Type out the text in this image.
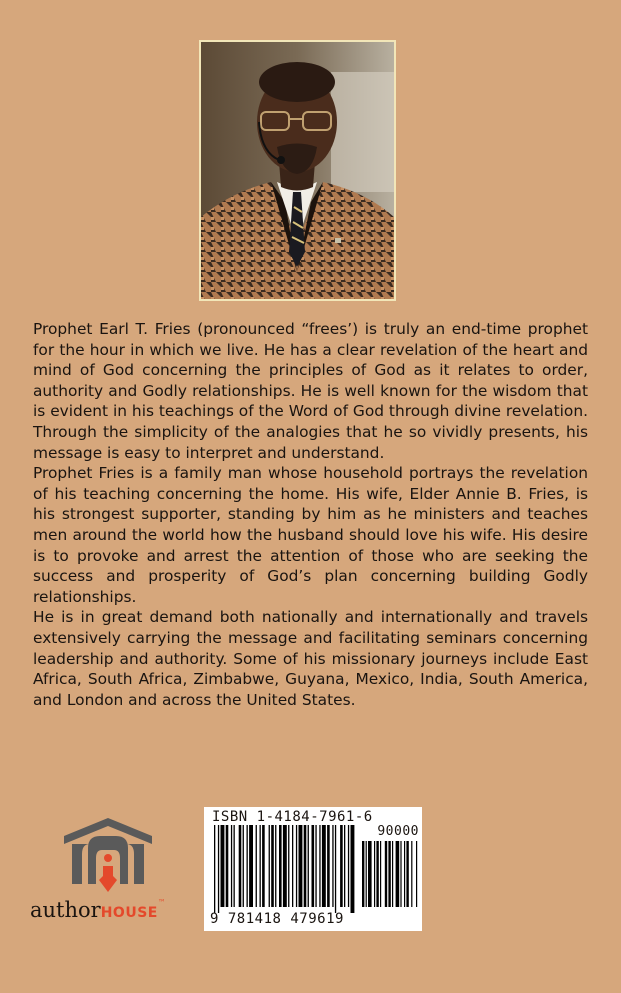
Prophet Earl T. Fries (pronounced “frees’) is truly an end-time prophet for the hour in which we live. He has a clear revelation of the heart and mind of God concerning the principles of God as it relates to order, authority and Godly relationships. He is well known for the wisdom that is evident in his teachings of the Word of God through divine revelation. Through the simplicity of the analogies that he so vividly presents, his message is easy to interpret and understand.

Prophet Fries is a family man whose household portrays the revelation of his teaching concerning the home. His wife, Elder Annie B. Fries, is his strongest supporter, standing by him as he ministers and teaches men around the world how the husband should love his wife. His desire is to provoke and arrest the attention of those who are seeking the success and prosperity of God’s plan concerning building Godly relationships.

He is in great demand both nationally and internationally and travels extensively carrying the message and facilitating seminars concerning leadership and authority. Some of his missionary journeys include East Africa, South Africa, Zimbabwe, Guyana, Mexico, India, South America, and London and across the United States.

authorHOUSE™
ISBN 1-4184-7961-6
90000
9 781418 479619
